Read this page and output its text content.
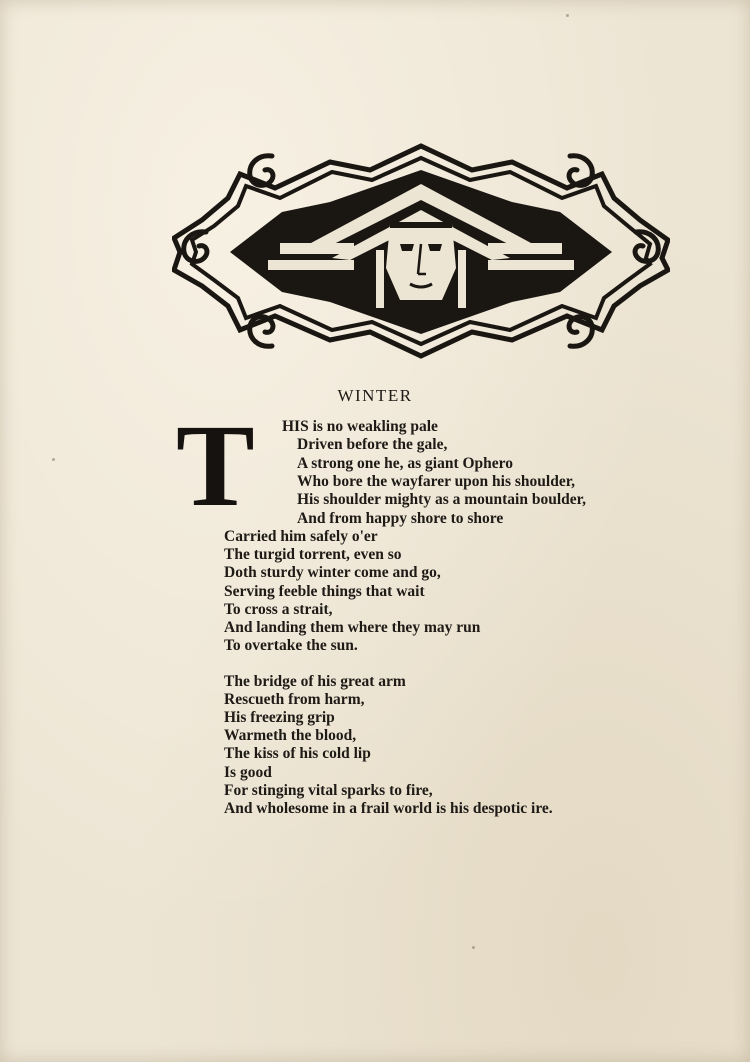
WINTER
T HIS is no weakling pale
Driven before the gale,
A strong one he, as giant Ophero
Who bore the wayfarer upon his shoulder,
His shoulder mighty as a mountain boulder,
And from happy shore to shore
Carried him safely o'er
The turgid torrent, even so
Doth sturdy winter come and go,
Serving feeble things that wait
To cross a strait,
And landing them where they may run
To overtake the sun.
The bridge of his great arm
Rescueth from harm,
His freezing grip
Warmeth the blood,
The kiss of his cold lip
Is good
For stinging vital sparks to fire,
And wholesome in a frail world is his despotic ire.
